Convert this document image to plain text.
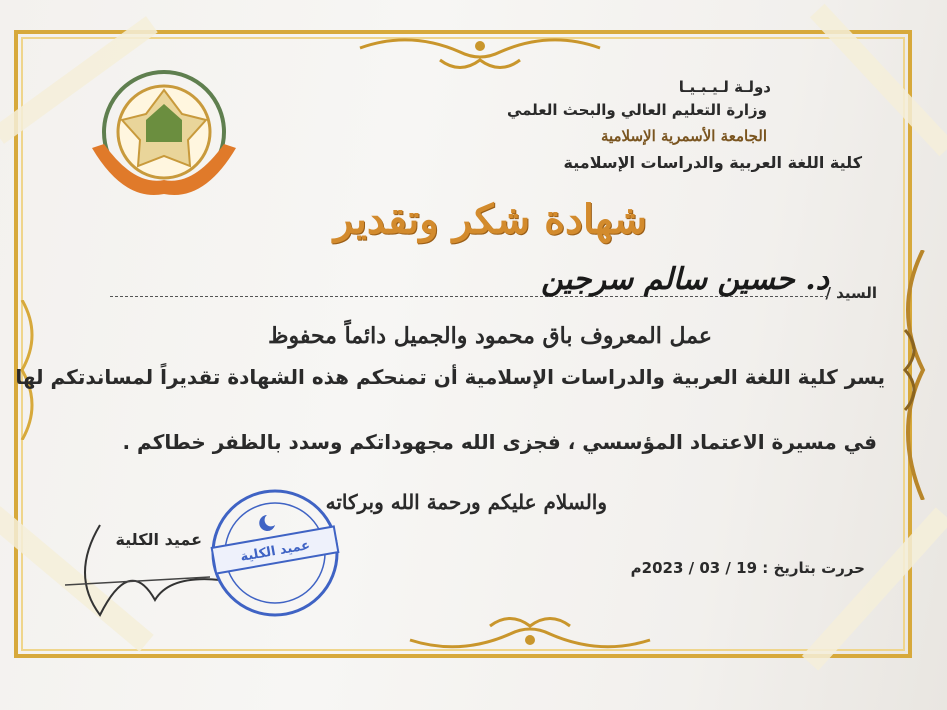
دولـة لـيـبـيـا
وزارة التعليم العالي والبحث العلمي
الجامعة الأسمرية الإسلامية
كلية اللغة العربية والدراسات الإسلامية
شهادة شكر وتقدير
السيد /
د. حسين سالم سرجين
عمل المعروف باق محمود والجميل دائماً محفوظ
يسر كلية اللغة العربية والدراسات الإسلامية أن تمنحكم هذه الشهادة تقديراً لمساندتكم لها
في مسيرة الاعتماد المؤسسي ، فجزى الله مجهوداتكم وسدد بالظفر خطاكم .
والسلام عليكم ورحمة الله وبركاته
حررت بتاريخ : 19 / 03 / 2023م
عميد الكلية	عميد الكلية
